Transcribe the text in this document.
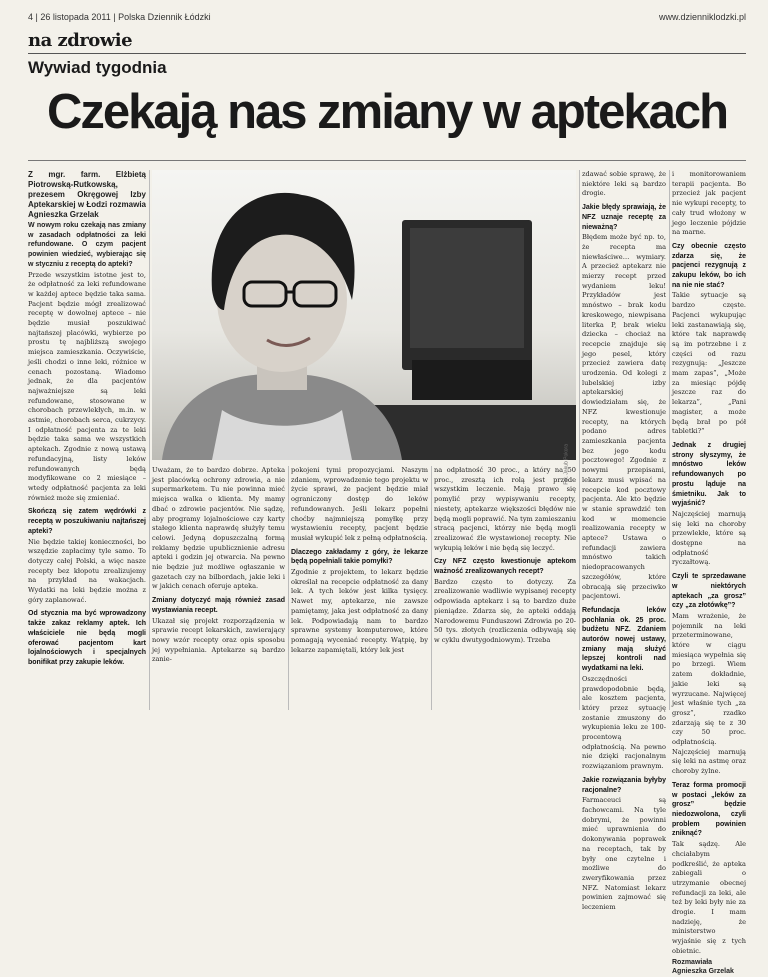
4 | 26 listopada 2011 | Polska Dziennik Łódzki	www.dzienniklodzki.pl
na zdrowie
Wywiad tygodnia
Czekają nas zmiany w aptekach

Z mgr. farm. Elżbietą Piotrowską-Rutkowską, prezesem Okręgowej Izby Aptekarskiej w Łodzi rozmawia Agnieszka Grzelak

W nowym roku czekają nas zmiany w zasadach odpłatności za leki refundowane. O czym pacjent powinien wiedzieć, wybierając się w styczniu z receptą do apteki?

Przede wszystkim istotne jest to, że odpłatność za leki refundowane w każdej aptece będzie taka sama. Pacjent będzie mógł zrealizować receptę w dowolnej aptece – nie będzie musiał poszukiwać najtańszej placówki, wybierze po prostu tę najbliższą swojego miejsca zamieszkania. Oczywiście, jeśli chodzi o inne leki, różnice w cenach pozostaną. Wiadomo jednak, że dla pacjentów najważniejsze są leki refundowane, stosowane w chorobach przewlekłych, m.in. w astmie, chorobach serca, cukrzycy. I odpłatność pacjenta za te leki będzie taka sama we wszystkich aptekach. Zgodnie z nową ustawą refundacyjną, listy leków refundowanych będą modyfikowane co 2 miesiące – wtedy odpłatność pacjenta za leki również może się zmieniać.

Skończą się zatem wędrówki z receptą w poszukiwaniu najtańszej apteki?

Nie będzie takiej konieczności, bo wszędzie zapłacimy tyle samo. To dotyczy całej Polski, a więc nasze recepty bez kłopotu zrealizujemy na przykład na wakacjach. Wydatki na leki będzie można z góry zaplanować.

Od stycznia ma być wprowadzony także zakaz reklamy aptek. Ich właściciele nie będą mogli oferować pacjentom kart lojalnościowych i specjalnych bonifikat przy zakupie leków.

Fot. Jakub Pokora

Uważam, że to bardzo dobrze. Apteka jest placówką ochrony zdrowia, a nie supermarketem. Tu nie powinna mieć miejsca walka o klienta. My mamy dbać o zdrowie pacjentów. Nie sądzę, aby programy lojalnościowe czy karty stałego klienta naprawdę służyły temu celowi. Jedyną dopuszczalną formą reklamy będzie upublicznienie adresu apteki i godzin jej otwarcia. Na pewno nie będzie już możliwe ogłaszanie w gazetach czy na bilbordach, jakie leki i w jakich cenach oferuje apteka.

Zmiany dotyczyć mają również zasad wystawiania recept.

Ukazał się projekt rozporządzenia w sprawie recept lekarskich, zawierający nowy wzór recepty oraz opis sposobu jej wypełniania. Aptekarze są bardzo zanie-

pokojeni tymi propozycjami. Naszym zdaniem, wprowadzenie tego projektu w życie sprawi, że pacjent będzie miał ograniczony dostęp do leków refundowanych. Jeśli lekarz popełni choćby najmniejszą pomyłkę przy wystawieniu recepty, pacjent będzie musiał wykupić lek z pełną odpłatnością.

Dlaczego zakładamy z góry, że lekarze będą popełniali takie pomyłki?

Zgodnie z projektem, to lekarz będzie określał na recepcie odpłatność za dany lek. A tych leków jest kilka tysięcy. Nawet my, aptekarze, nie zawsze pamiętamy, jaka jest odpłatność za dany lek. Podpowiadają nam to bardzo sprawne systemy komputerowe, które pomagają wyceniać recepty. Wątpię, by lekarze zapamiętali, który lek jest

na odpłatność 30 proc., a który na 50 proc., zresztą ich rolą jest przede wszystkim leczenie. Mają prawo się pomylić przy wypisywaniu recepty, niestety, aptekarze większości błędów nie będą mogli poprawić. Na tym zamieszaniu stracą pacjenci, którzy nie będą mogli zrealizować źle wystawionej recepty. Nie wykupią leków i nie będą się leczyć.

Czy NFZ często kwestionuje aptekom ważność zrealizowanych recept?

Bardzo często to dotyczy. Za zrealizowanie wadliwie wypisanej recepty odpowiada aptekarz i są to bardzo duże pieniądze. Zdarza się, że apteki oddają Narodowemu Funduszowi Zdrowia po 20-50 tys. złotych (rozliczenia odbywają się w cyklu dwutygodniowym). Trzeba

zdawać sobie sprawę, że niektóre leki są bardzo drogie.

Jakie błędy sprawiają, że NFZ uznaje receptę za nieważną?

Błędem może być np. to, że recepta ma niewłaściwe… wymiary. A przecież aptekarz nie mierzy recept przed wydaniem leku! Przykładów jest mnóstwo – brak kodu kreskowego, niewpisana literka P, brak wieku dziecka – chociaż na recepcie znajduje się jego pesel, który przecież zawiera datę urodzenia. Od kolegi z lubelskiej izby aptekarskiej dowiedziałam się, że NFZ kwestionuje recepty, na których podano adres zamieszkania pacjenta bez jego kodu pocztowego! Zgodnie z nowymi przepisami, lekarz musi wpisać na recepcie kod pocztowy pacjenta. Ale kto będzie w stanie sprawdzić ten kod w momencie realizowania recepty w aptece? Ustawa o refundacji zawiera mnóstwo takich niedopracowanych szczegółów, które obracają się przeciwko pacjentowi.

Refundacja leków pochłania ok. 25 proc. budżetu NFZ. Zdaniem autorów nowej ustawy, zmiany mają służyć lepszej kontroli nad wydatkami na leki.

Oszczędności prawdopodobnie będą, ale kosztem pacjenta, który przez sytuację zostanie zmuszony do wykupienia leku ze 100-procentową odpłatnością. Na pewno nie dzięki racjonalnym rozwiązaniom prawnym.

Jakie rozwiązania byłyby racjonalne?

Farmaceuci są fachowcami. Na tyle dobrymi, że powinni mieć uprawnienia do dokonywania poprawek na receptach, tak by były one czytelne i możliwe do zweryfikowania przez NFZ. Natomiast lekarz powinien zajmować się leczeniem

i monitorowaniem terapii pacjenta. Bo przecież jak pacjent nie wykupi recepty, to cały trud włożony w jego leczenie pójdzie na marne.

Czy obecnie często zdarza się, że pacjenci rezygnują z zakupu leków, bo ich na nie nie stać?

Takie sytuacje są bardzo częste. Pacjenci wykupując leki zastanawiają się, które tak naprawdę są im potrzebne i z części od razu rezygnują: „Jeszcze mam zapas”, „Może za miesiąc pójdę jeszcze raz do lekarza”, „Pani magister, a może będą brał po pół tabletki?”

Jednak z drugiej strony słyszymy, że mnóstwo leków refundowanych po prostu ląduje na śmietniku. Jak to wyjaśnić?

Najczęściej marnują się leki na choroby przewlekłe, które są dostępne na odpłatność ryczałtową.

Czyli te sprzedawane w niektórych aptekach „za grosz” czy „za złotówkę”?

Mam wrażenie, że pojemnik na leki przeterminowane, które w ciągu miesiąca wypełnia się po brzegi. Wiem zatem dokładnie, jakie leki są wyrzucane. Najwięcej jest właśnie tych „za grosz”, rzadko zdarzają się te z 30 czy 50 proc. odpłatnością. Najczęściej marnują się leki na astmę oraz choroby żylne.

Teraz forma promocji w postaci „leków za grosz” będzie niedozwolona, czyli problem powinien zniknąć?

Tak sądzę. Ale chciałabym podkreślić, że apteka zabiegali o utrzymanie obecnej refundacji za leki, ale też by leki były nie za drogie. I mam nadzieję, że ministerstwo wyjaśnie się z tych obietnic.

Rozmawiała Agnieszka Grzelak
